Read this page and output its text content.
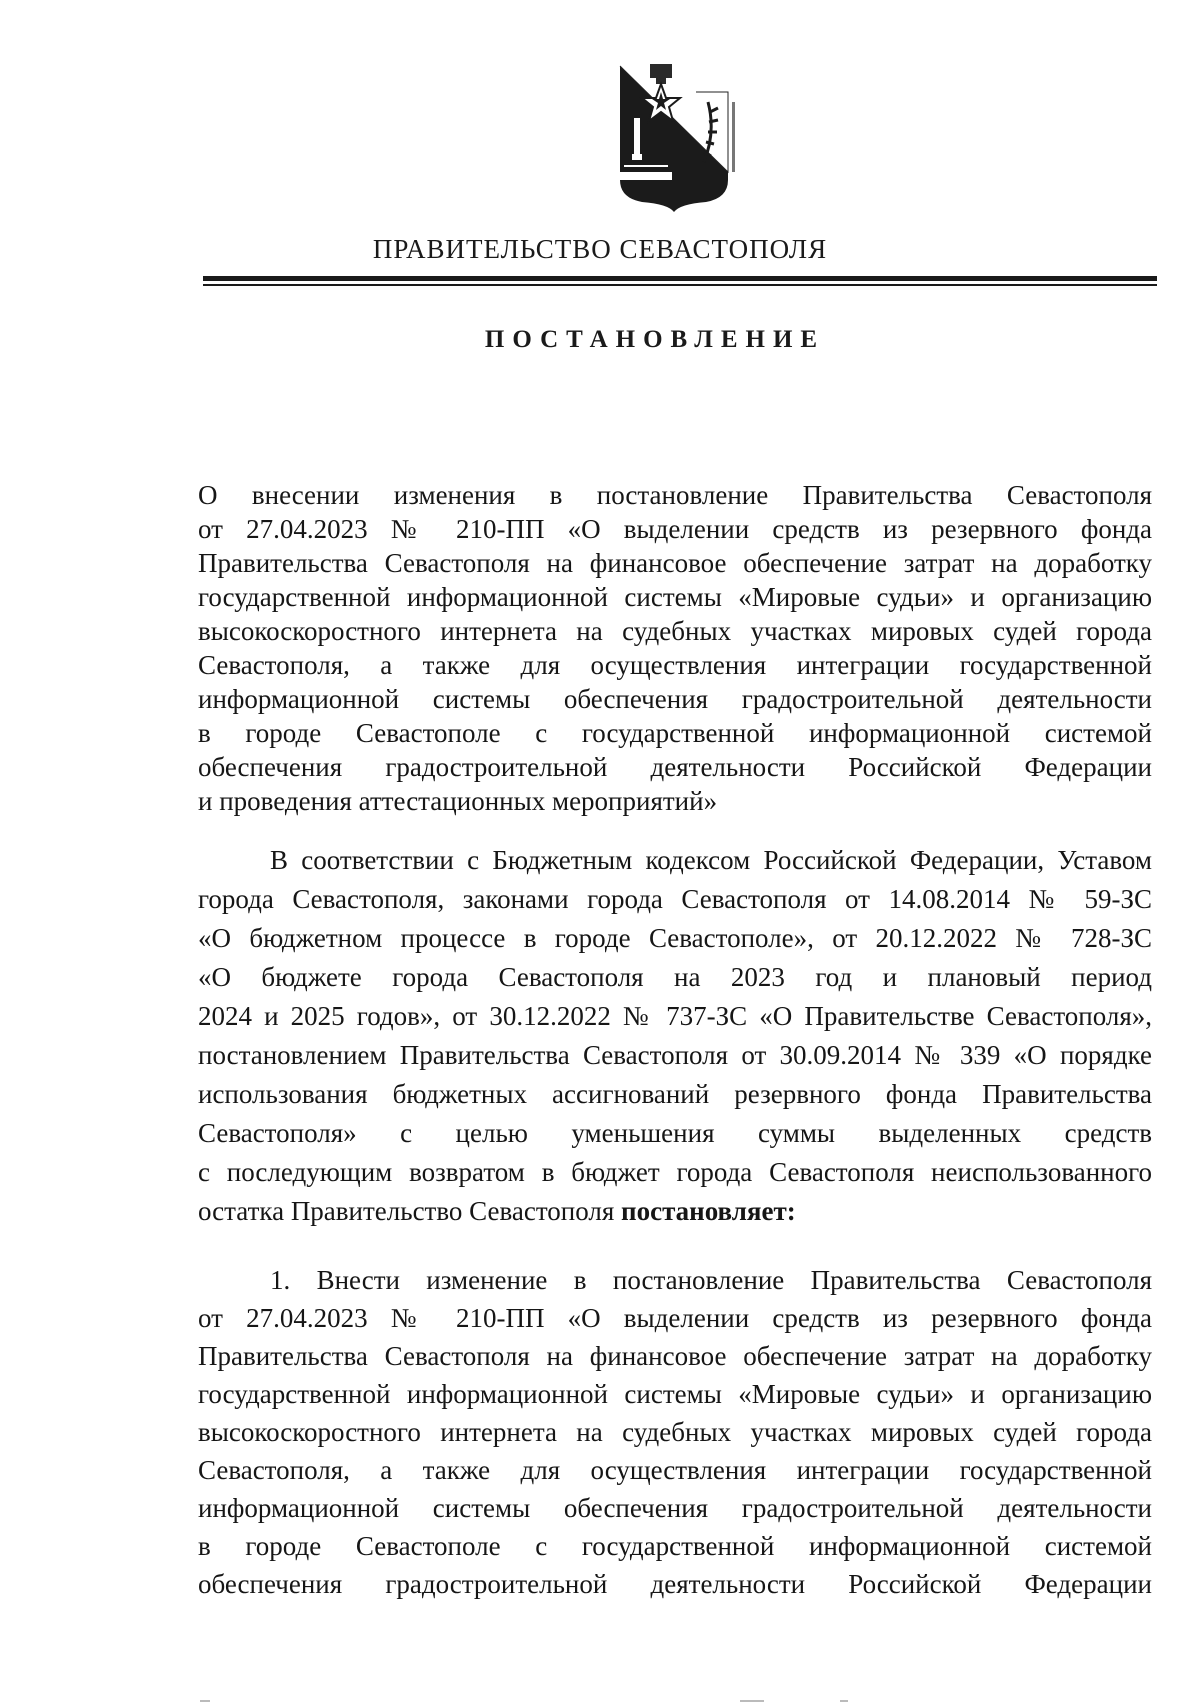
ПРАВИТЕЛЬСТВО СЕВАСТОПОЛЯ
ПОСТАНОВЛЕНИЕ
О внесении изменения в постановление Правительства Севастополя
от 27.04.2023 № 210-ПП «О выделении средств из резервного фонда
Правительства Севастополя на финансовое обеспечение затрат на доработку
государственной информационной системы «Мировые судьи» и организацию
высокоскоростного интернета на судебных участках мировых судей города
Севастополя, а также для осуществления интеграции государственной
информационной системы обеспечения градостроительной деятельности
в городе Севастополе с государственной информационной системой
обеспечения градостроительной деятельности Российской Федерации
и проведения аттестационных мероприятий»
В соответствии с Бюджетным кодексом Российской Федерации, Уставом
города Севастополя, законами города Севастополя от 14.08.2014 № 59-ЗС
«О бюджетном процессе в городе Севастополе», от 20.12.2022 № 728-ЗС
«О бюджете города Севастополя на 2023 год и плановый период
2024 и 2025 годов», от 30.12.2022 № 737-ЗС «О Правительстве Севастополя»,
постановлением Правительства Севастополя от 30.09.2014 № 339 «О порядке
использования бюджетных ассигнований резервного фонда Правительства
Севастополя» с целью уменьшения суммы выделенных средств
с последующим возвратом в бюджет города Севастополя неиспользованного
остатка Правительство Севастополя постановляет:
1. Внести изменение в постановление Правительства Севастополя
от 27.04.2023 № 210-ПП «О выделении средств из резервного фонда
Правительства Севастополя на финансовое обеспечение затрат на доработку
государственной информационной системы «Мировые судьи» и организацию
высокоскоростного интернета на судебных участках мировых судей города
Севастополя, а также для осуществления интеграции государственной
информационной системы обеспечения градостроительной деятельности
в городе Севастополе с государственной информационной системой
обеспечения градостроительной деятельности Российской Федерации
